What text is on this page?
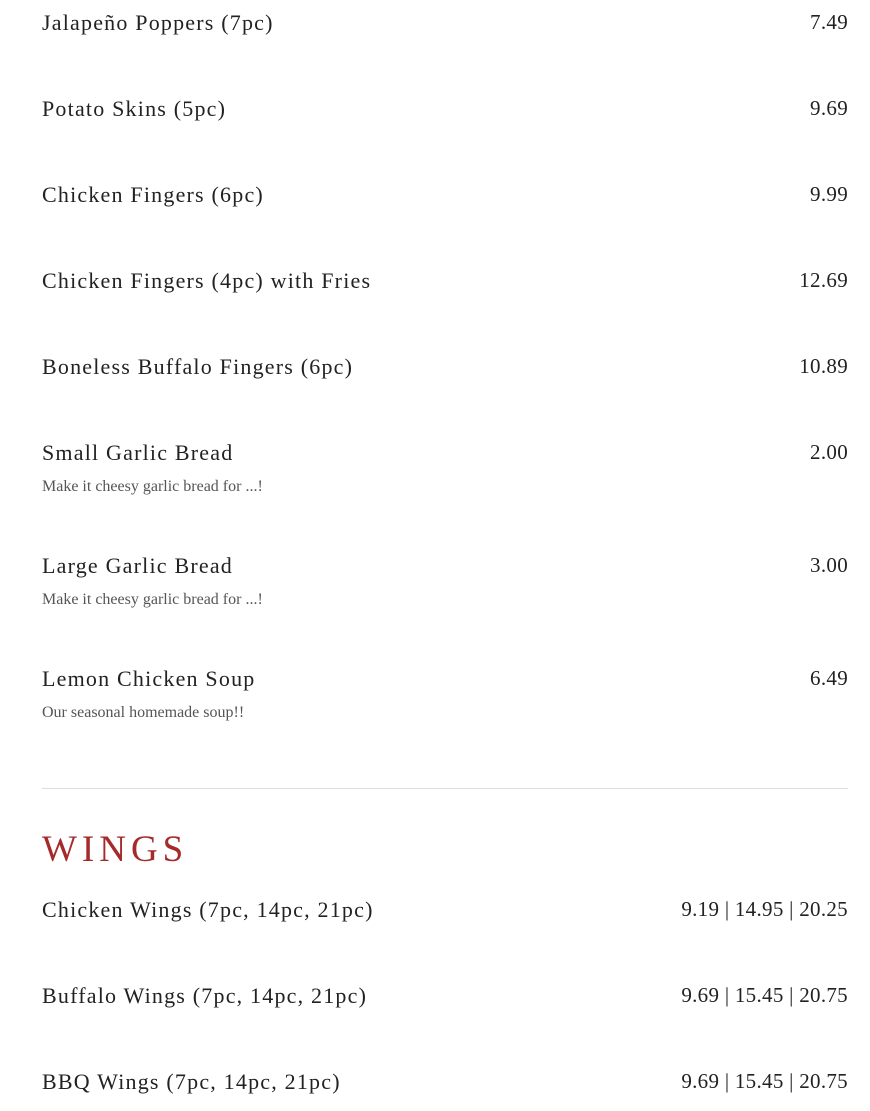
Jalapeño Poppers (7pc)	7.49
Potato Skins (5pc)	9.69
Chicken Fingers (6pc)	9.99
Chicken Fingers (4pc) with Fries	12.69
Boneless Buffalo Fingers (6pc)	10.89
Small Garlic Bread	2.00
Make it cheesy garlic bread for ...!
Large Garlic Bread	3.00
Make it cheesy garlic bread for ...!
Lemon Chicken Soup	6.49
Our seasonal homemade soup!!
WINGS
Chicken Wings (7pc, 14pc, 21pc)	9.19 | 14.95 | 20.25
Buffalo Wings (7pc, 14pc, 21pc)	9.69 | 15.45 | 20.75
BBQ Wings (7pc, 14pc, 21pc)	9.69 | 15.45 | 20.75
